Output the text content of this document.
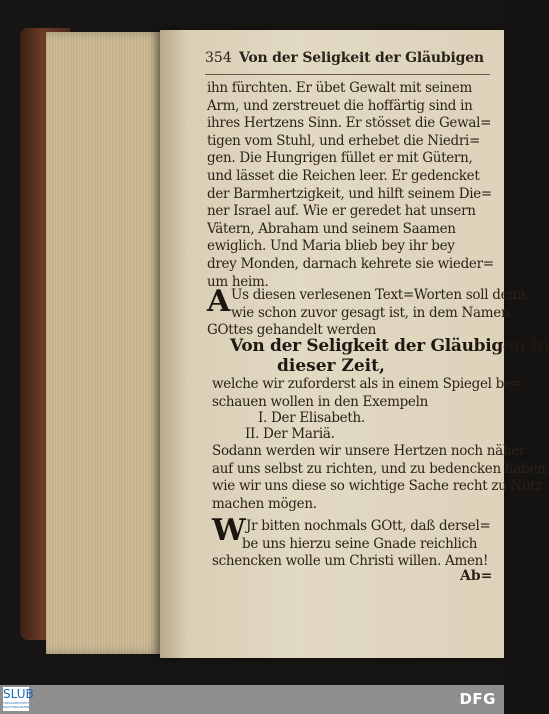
354 Von der Seligkeit der Gläubigen
ihn fürchten. Er übet Gewalt mit seinem
Arm, und zerstreuet die hoffärtig sind in
ihres Hertzens Sinn. Er stösset die Gewal=
tigen vom Stuhl, und erhebet die Niedri=
gen. Die Hungrigen füllet er mit Gütern,
und lässet die Reichen leer. Er gedencket
der Barmhertzigkeit, und hilft seinem Die=
ner Israel auf. Wie er geredet hat unsern
Vätern, Abraham und seinem Saamen
ewiglich. Und Maria blieb bey ihr bey
drey Monden, darnach kehrete sie wieder=
um heim.
A Us diesen verlesenen Text=Worten soll denn,
wie schon zuvor gesagt ist, in dem Namen
GOttes gehandelt werden
Von der Seligkeit der Gläubigen in
dieser Zeit,
welche wir zuforderst als in einem Spiegel be=
schauen wollen in den Exempeln
I. Der Elisabeth.
II. Der Mariä.
Sodann werden wir unsere Hertzen noch näher
auf uns selbst zu richten, und zu bedencken haben,
wie wir uns diese so wichtige Sache recht zu Nutz
machen mögen.
W Jr bitten nochmals GOtt, daß dersel=
be uns hierzu seine Gnade reichlich
schencken wolle um Christi willen. Amen!
Ab=
SLUB
TREASURECHEST KRÄUTERGARTEN	DFG
